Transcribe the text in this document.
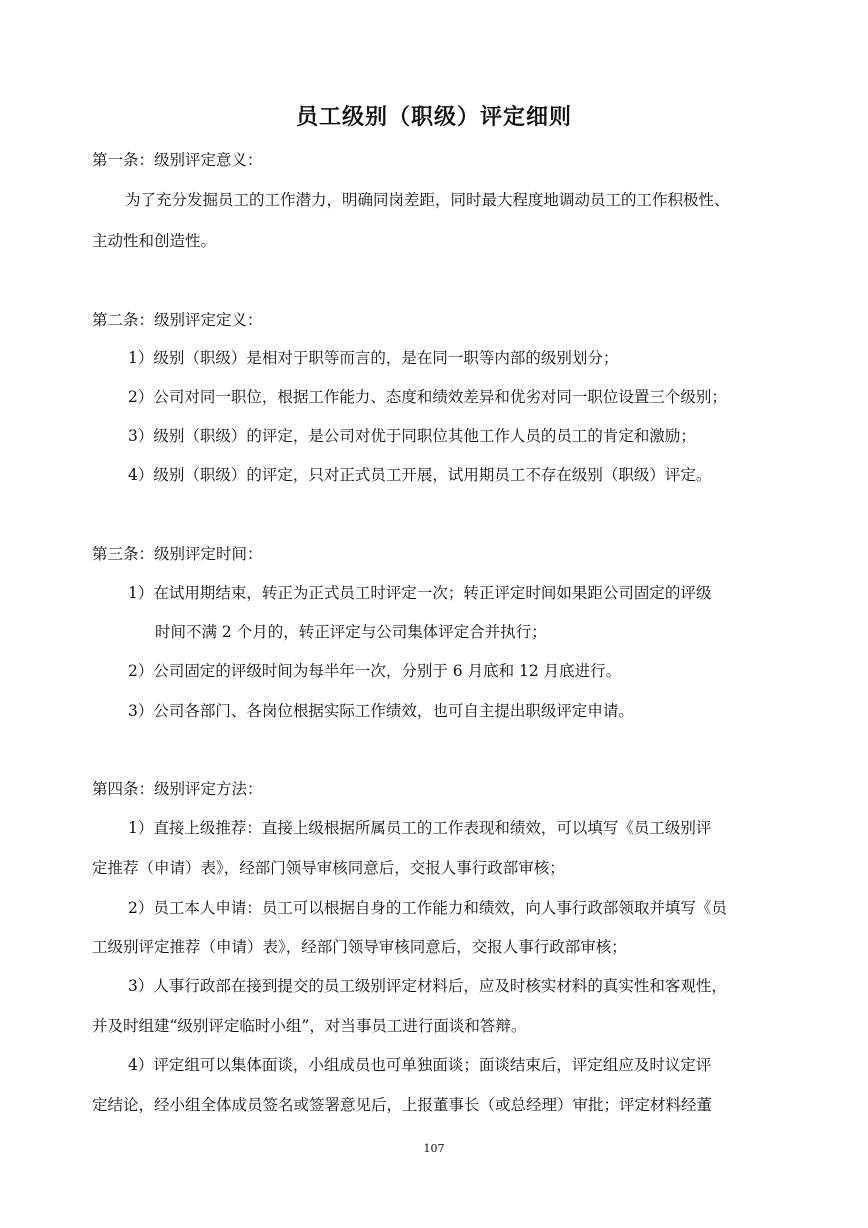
员工级别（职级）评定细则
第一条：级别评定意义：
为了充分发掘员工的工作潜力，明确同岗差距，同时最大程度地调动员工的工作积极性、
主动性和创造性。
第二条：级别评定定义：
1）级别（职级）是相对于职等而言的，是在同一职等内部的级别划分；
2）公司对同一职位，根据工作能力、态度和绩效差异和优劣对同一职位设置三个级别；
3）级别（职级）的评定，是公司对优于同职位其他工作人员的员工的肯定和激励；
4）级别（职级）的评定，只对正式员工开展，试用期员工不存在级别（职级）评定。
第三条：级别评定时间：
1）在试用期结束，转正为正式员工时评定一次；转正评定时间如果距公司固定的评级
时间不满 2 个月的，转正评定与公司集体评定合并执行；
2）公司固定的评级时间为每半年一次，分别于 6 月底和 12 月底进行。
3）公司各部门、各岗位根据实际工作绩效，也可自主提出职级评定申请。
第四条：级别评定方法：
1）直接上级推荐：直接上级根据所属员工的工作表现和绩效，可以填写《员工级别评
定推荐（申请）表》，经部门领导审核同意后，交报人事行政部审核；
2）员工本人申请：员工可以根据自身的工作能力和绩效，向人事行政部领取并填写《员
工级别评定推荐（申请）表》，经部门领导审核同意后，交报人事行政部审核；
3）人事行政部在接到提交的员工级别评定材料后，应及时核实材料的真实性和客观性，
并及时组建“级别评定临时小组”，对当事员工进行面谈和答辩。
4）评定组可以集体面谈，小组成员也可单独面谈；面谈结束后，评定组应及时议定评
定结论，经小组全体成员签名或签署意见后，上报董事长（或总经理）审批；评定材料经董
107
